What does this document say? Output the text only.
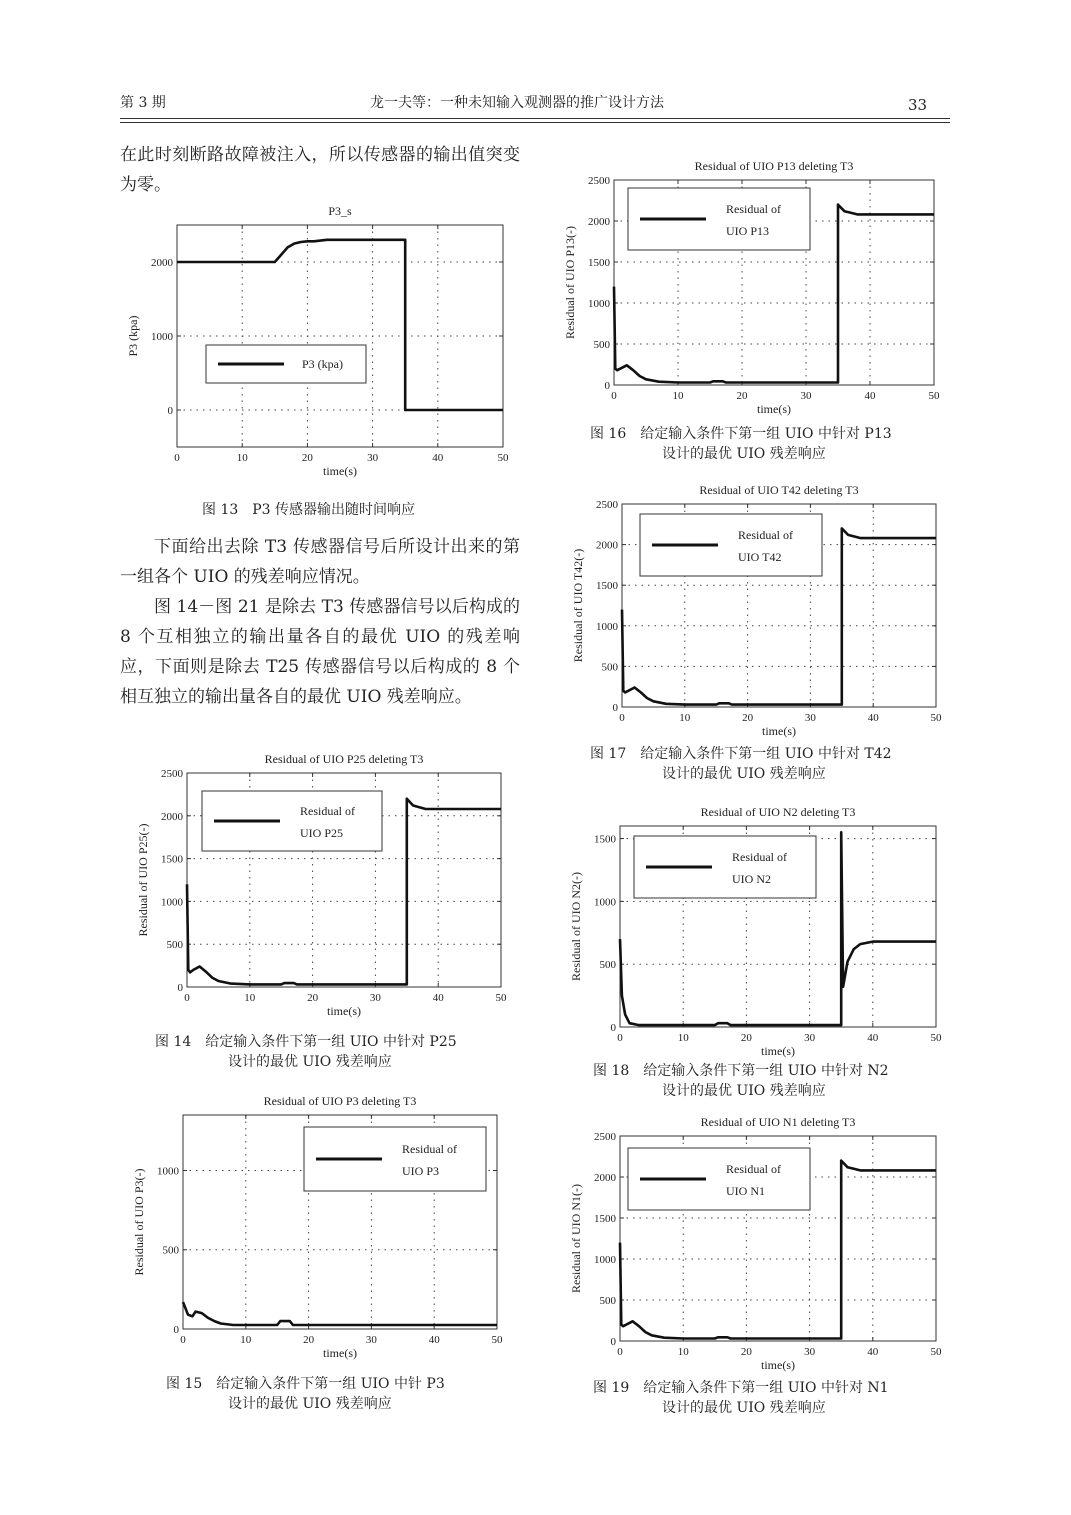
第 3 期	龙一夫等：一种未知输入观测器的推广设计方法	33
在此时刻断路故障被注入，所以传感器的输出值突变为零。
下面给出去除 T3 传感器信号后所设计出来的第一组各个 UIO 的残差响应情况。
图 14－图 21 是除去 T3 传感器信号以后构成的 8 个互相独立的输出量各自的最优 UIO 的残差响应，下面则是除去 T25 传感器信号以后构成的 8 个相互独立的输出量各自的最优 UIO 残差响应。
P3_s
0	10	20	30	40	50
0
1000
2000
time(s)
P3 (kpa)
P3 (kpa)
图 13　P3 传感器输出随时间响应
Residual of UIO P25 deleting T3
0	10	20	30	40	50
0
500
1000
1500
2000
2500
time(s)
Residual of UIO P25(-)
Residual of
UIO P25
图 14　给定输入条件下第一组 UIO 中针对 P25
设计的最优 UIO 残差响应
Residual of UIO P3 deleting T3
0	10	20	30	40	50
0
500
1000
time(s)
Residual of UIO P3(-)
Residual of
UIO P3
图 15　给定输入条件下第一组 UIO 中针 P3
设计的最优 UIO 残差响应
Residual of UIO P13 deleting T3
0	10	20	30	40	50
0
500
1000
1500
2000
2500
time(s)
Residual of UIO P13(-)
Residual of
UIO P13
图 16　给定输入条件下第一组 UIO 中针对 P13
设计的最优 UIO 残差响应
Residual of UIO T42 deleting T3
0	10	20	30	40	50
0
500
1000
1500
2000
2500
time(s)
Residual of UIO T42(-)
Residual of
UIO T42
图 17　给定输入条件下第一组 UIO 中针对 T42
设计的最优 UIO 残差响应
Residual of UIO N2 deleting T3
0	10	20	30	40	50
0
500
1000
1500
time(s)
Residual of UIO N2(-)
Residual of
UIO N2
图 18　给定输入条件下第一组 UIO 中针对 N2
设计的最优 UIO 残差响应
Residual of UIO N1 deleting T3
0	10	20	30	40	50
0
500
1000
1500
2000
2500
time(s)
Residual of UIO N1(-)
Residual of
UIO N1
图 19　给定输入条件下第一组 UIO 中针对 N1
设计的最优 UIO 残差响应
